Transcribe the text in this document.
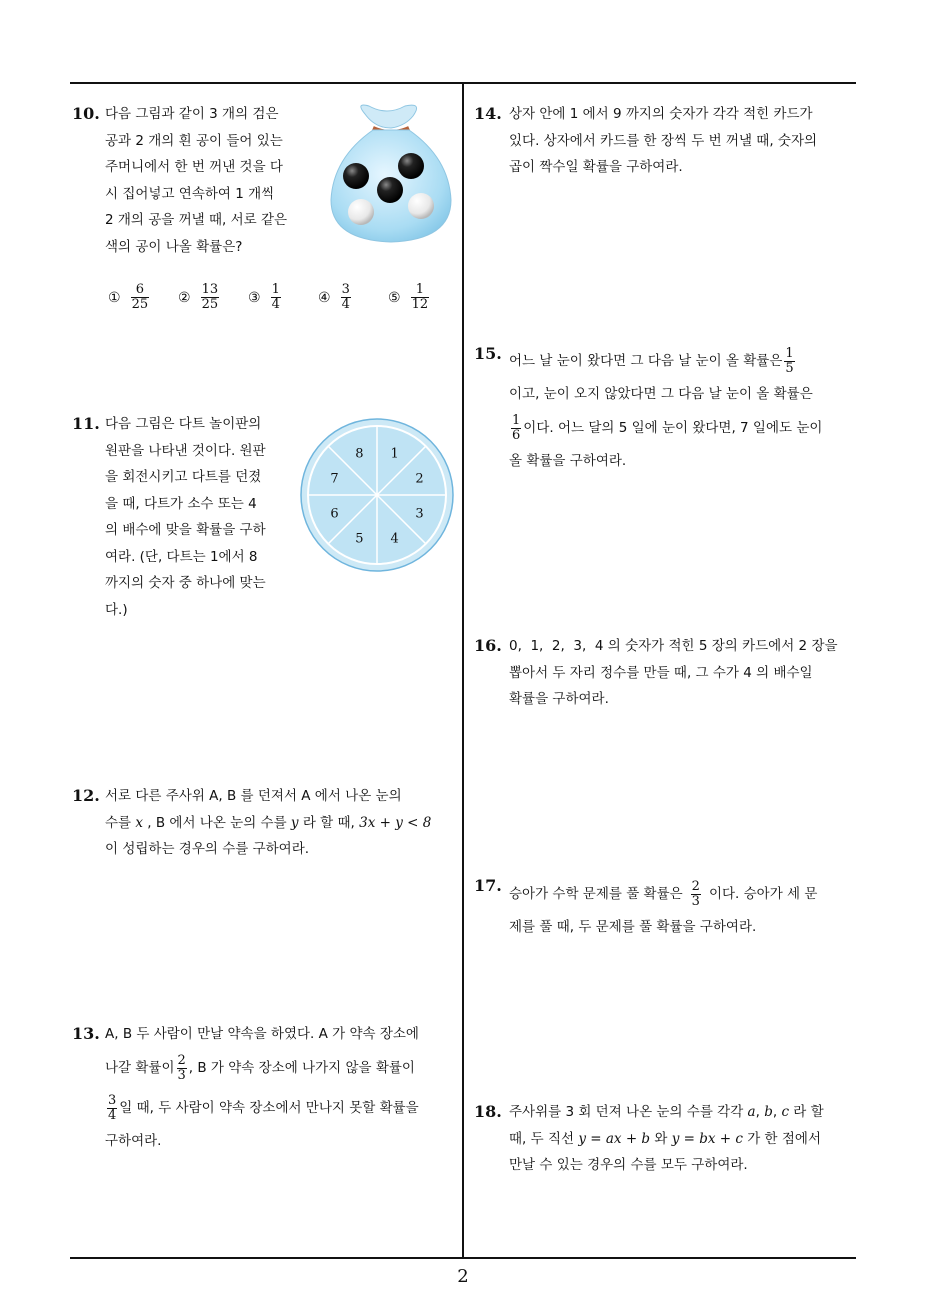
10. 다음 그림과 같이 3 개의 검은
공과 2 개의 흰 공이 들어 있는
주머니에서 한 번 꺼낸 것을 다
시 집어넣고 연속하여 1 개씩
2 개의 공을 꺼낼 때, 서로 같은
색의 공이 나올 확률은?
① $\frac{6}{25}$ ② $\frac{13}{25}$ ③ $\frac{1}{4}$	④ $\frac{3}{4}$	⑤ $\frac{1}{12}$
11. 다음 그림은 다트 놀이판의
원판을 나타낸 것이다. 원판
을 회전시키고 다트를 던졌
을 때, 다트가 소수 또는 4
의 배수에 맞을 확률을 구하
여라. (단, 다트는 1에서 8
까지의 숫자 중 하나에 맞는
다.)
1
2
3
4
5
6
7
8
12. 서로 다른 주사위 A, B 를 던져서 A 에서 나온 눈의
수를 x , B 에서 나온 눈의 수를 y 라 할 때, 3x + y < 8
이 성립하는 경우의 수를 구하여라.
13. A, B 두 사람이 만날 약속을 하였다. A 가 약속 장소에
나갈 확률이 $\frac{2}{3}$ , B 가 약속 장소에 나가지 않을 확률이
$\frac{3}{4}$ 일 때, 두 사람이 약속 장소에서 만나지 못할 확률을
구하여라.
14. 상자 안에 1 에서 9 까지의 숫자가 각각 적힌 카드가
있다. 상자에서 카드를 한 장씩 두 번 꺼낼 때, 숫자의
곱이 짝수일 확률을 구하여라.
15. 어느 날 눈이 왔다면 그 다음 날 눈이 올 확률은 $\frac{1}{5}$
이고, 눈이 오지 않았다면 그 다음 날 눈이 올 확률은
$\frac{1}{6}$ 이다. 어느 달의 5 일에 눈이 왔다면, 7 일에도 눈이
올 확률을 구하여라.
16. 0,  1,  2,  3,  4 의 숫자가 적힌 5 장의 카드에서 2 장을
뽑아서 두 자리 정수를 만들 때, 그 수가 4 의 배수일
확률을 구하여라.
17. 승아가 수학 문제를 풀 확률은 $\frac{2}{3}$ 이다. 승아가 세 문
제를 풀 때, 두 문제를 풀 확률을 구하여라.
18. 주사위를 3 회 던져 나온 눈의 수를 각각 a, b, c 라 할
때, 두 직선 y = ax + b 와 y = bx + c 가 한 점에서
만날 수 있는 경우의 수를 모두 구하여라.
2
